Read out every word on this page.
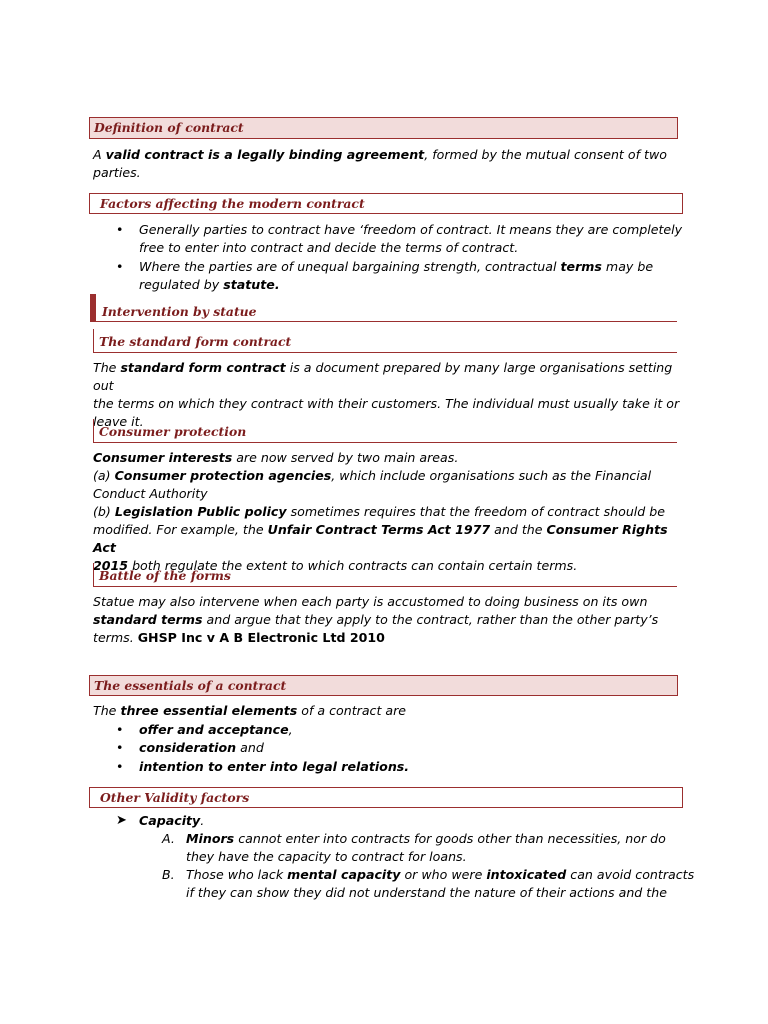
Definition of contract
A valid contract is a legally binding agreement, formed by the mutual consent of two
parties.
Factors affecting the modern contract
• Generally parties to contract have ‘freedom of contract. It means they are completely
free to enter into contract and decide the terms of contract.
• Where the parties are of unequal bargaining strength, contractual terms may be
regulated by statute.
Intervention by statue
The standard form contract
The standard form contract is a document prepared by many large organisations setting out
the terms on which they contract with their customers. The individual must usually take it or
leave it.
Consumer protection
Consumer interests are now served by two main areas.
(a) Consumer protection agencies, which include organisations such as the Financial
Conduct Authority
(b) Legislation Public policy sometimes requires that the freedom of contract should be
modified. For example, the Unfair Contract Terms Act 1977 and the Consumer Rights Act
2015 both regulate the extent to which contracts can contain certain terms.
Battle of the forms
Statue may also intervene when each party is accustomed to doing business on its own
standard terms and argue that they apply to the contract, rather than the other party’s
terms. GHSP Inc v A B Electronic Ltd 2010
The essentials of a contract
The three essential elements of a contract are
• offer and acceptance,
• consideration and
• intention to enter into legal relations.
Other Validity factors
➤ Capacity.
A. Minors cannot enter into contracts for goods other than necessities, nor do
they have the capacity to contract for loans.
B. Those who lack mental capacity or who were intoxicated can avoid contracts
if they can show they did not understand the nature of their actions and the
